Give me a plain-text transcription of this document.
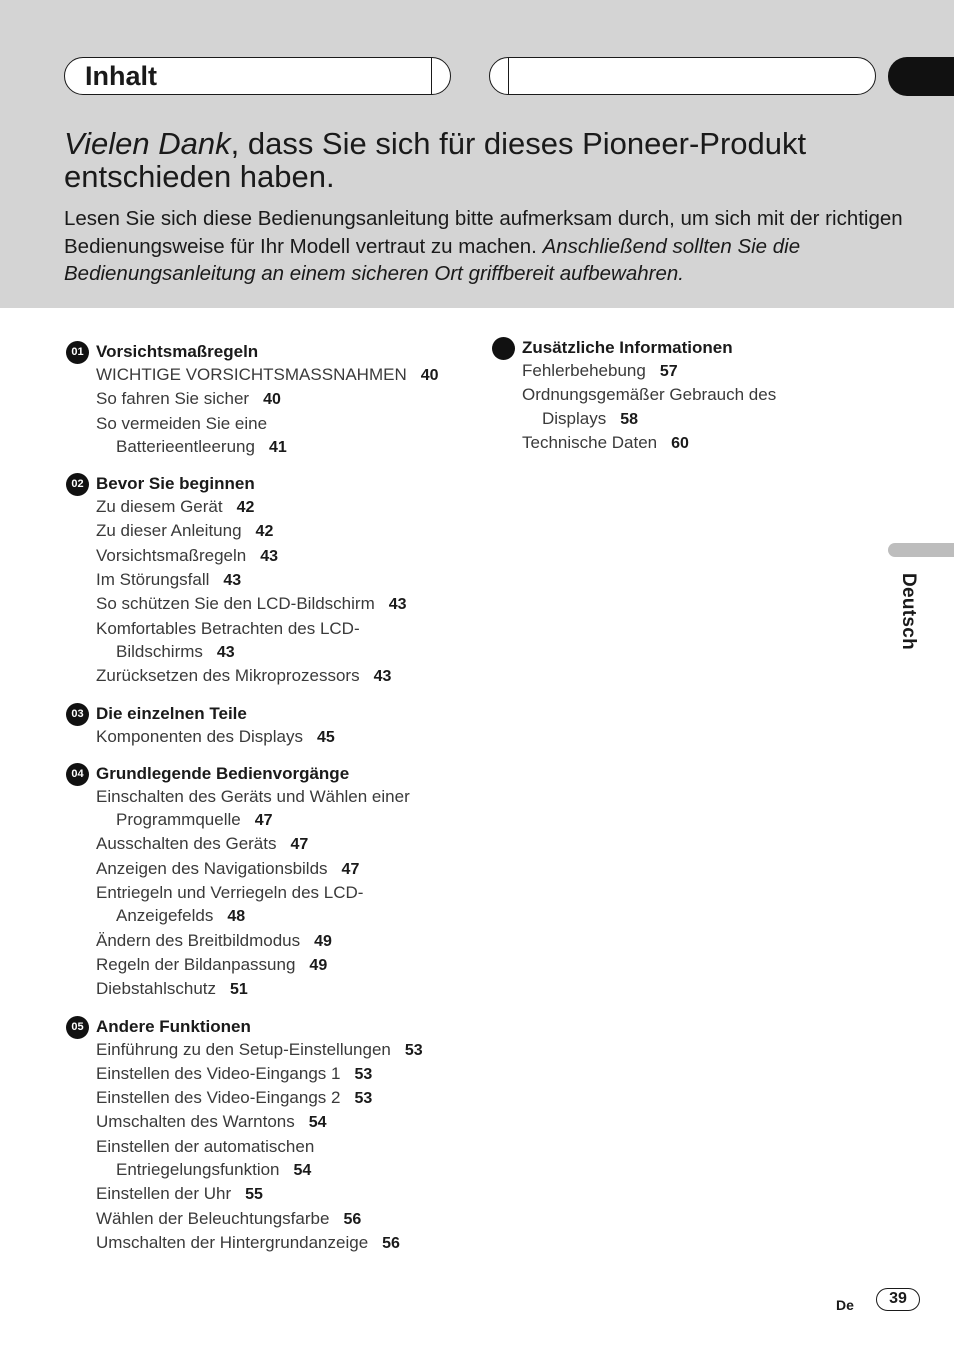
Inhalt
Vielen Dank, dass Sie sich für dieses Pioneer-Produkt entschieden haben.
Lesen Sie sich diese Bedienungsanleitung bitte aufmerksam durch, um sich mit der richtigen Bedienungsweise für Ihr Modell vertraut zu machen. Anschließend sollten Sie die Bedienungsanleitung an einem sicheren Ort griffbereit aufbewahren.
01 Vorsichtsmaßregeln
WICHTIGE VORSICHTSMASSNAHMEN 40
So fahren Sie sicher 40
So vermeiden Sie eine
Batterieentleerung 41
02 Bevor Sie beginnen
Zu diesem Gerät 42
Zu dieser Anleitung 42
Vorsichtsmaßregeln 43
Im Störungsfall 43
So schützen Sie den LCD-Bildschirm 43
Komfortables Betrachten des LCD-
Bildschirms 43
Zurücksetzen des Mikroprozessors 43
03 Die einzelnen Teile
Komponenten des Displays 45
04 Grundlegende Bedienvorgänge
Einschalten des Geräts und Wählen einer
Programmquelle 47
Ausschalten des Geräts 47
Anzeigen des Navigationsbilds 47
Entriegeln und Verriegeln des LCD-
Anzeigefelds 48
Ändern des Breitbildmodus 49
Regeln der Bildanpassung 49
Diebstahlschutz 51
05 Andere Funktionen
Einführung zu den Setup-Einstellungen 53
Einstellen des Video-Eingangs 1 53
Einstellen des Video-Eingangs 2 53
Umschalten des Warntons 54
Einstellen der automatischen
Entriegelungsfunktion 54
Einstellen der Uhr 55
Wählen der Beleuchtungsfarbe 56
Umschalten der Hintergrundanzeige 56
Zusätzliche Informationen
Fehlerbehebung 57
Ordnungsgemäßer Gebrauch des
Displays 58
Technische Daten 60
Deutsch
De	39
